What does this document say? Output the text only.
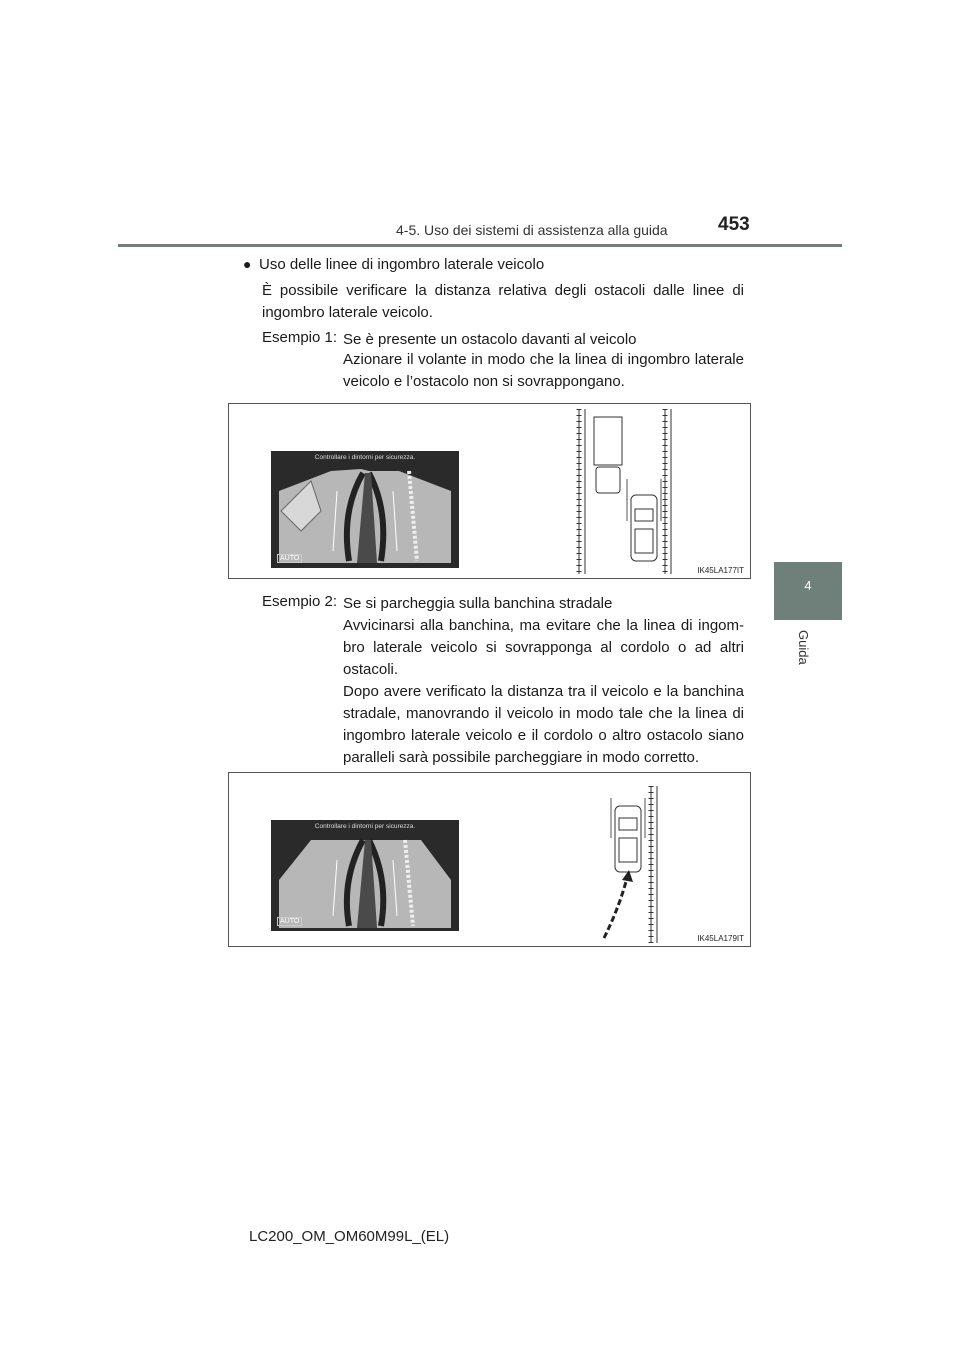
4-5. Uso dei sistemi di assistenza alla guida	453
4
Guida
● Uso delle linee di ingombro laterale veicolo
È possibile verificare la distanza relativa degli ostacoli dalle linee di ingombro laterale veicolo.
Esempio 1: Se è presente un ostacolo davanti al veicolo
Azionare il volante in modo che la linea di ingombro laterale veicolo e l’ostacolo non si sovrappongano.
Controllare i dintorni per sicurezza.
AUTO
IK45LA177IT
Esempio 2: Se si parcheggia sulla banchina stradale
Avvicinarsi alla banchina, ma evitare che la linea di ingom-bro laterale veicolo si sovrapponga al cordolo o ad altri ostacoli.
Dopo avere verificato la distanza tra il veicolo e la banchina stradale, manovrando il veicolo in modo tale che la linea di ingombro laterale veicolo e il cordolo o altro ostacolo siano paralleli sarà possibile parcheggiare in modo corretto.
Controllare i dintorni per sicurezza.
AUTO
IK45LA179IT
LC200_OM_OM60M99L_(EL)
